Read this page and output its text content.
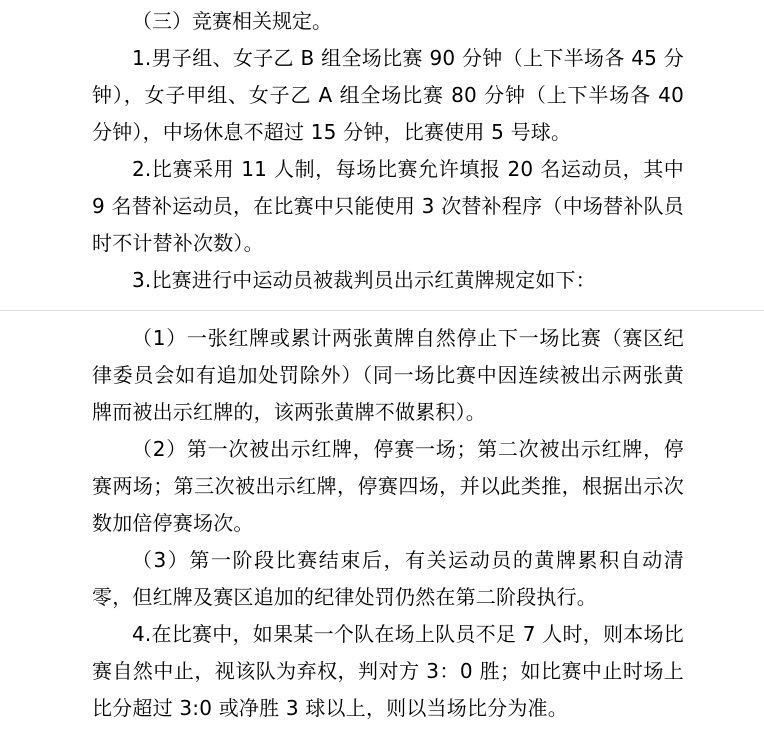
（三）竞赛相关规定。

1.男子组、女子乙 B 组全场比赛 90 分钟（上下半场各 45 分钟），女子甲组、女子乙 A 组全场比赛 80 分钟（上下半场各 40 分钟），中场休息不超过 15 分钟，比赛使用 5 号球。

2.比赛采用 11 人制，每场比赛允许填报 20 名运动员，其中 9 名替补运动员，在比赛中只能使用 3 次替补程序（中场替补队员时不计替补次数）。

3.比赛进行中运动员被裁判员出示红黄牌规定如下：

（1）一张红牌或累计两张黄牌自然停止下一场比赛（赛区纪律委员会如有追加处罚除外）（同一场比赛中因连续被出示两张黄牌而被出示红牌的，该两张黄牌不做累积）。

（2）第一次被出示红牌，停赛一场；第二次被出示红牌，停赛两场；第三次被出示红牌，停赛四场，并以此类推，根据出示次数加倍停赛场次。

（3）第一阶段比赛结束后，有关运动员的黄牌累积自动清零，但红牌及赛区追加的纪律处罚仍然在第二阶段执行。

4.在比赛中，如果某一个队在场上队员不足 7 人时，则本场比赛自然中止，视该队为弃权，判对方 3：0 胜；如比赛中止时场上比分超过 3:0 或净胜 3 球以上，则以当场比分为准。
